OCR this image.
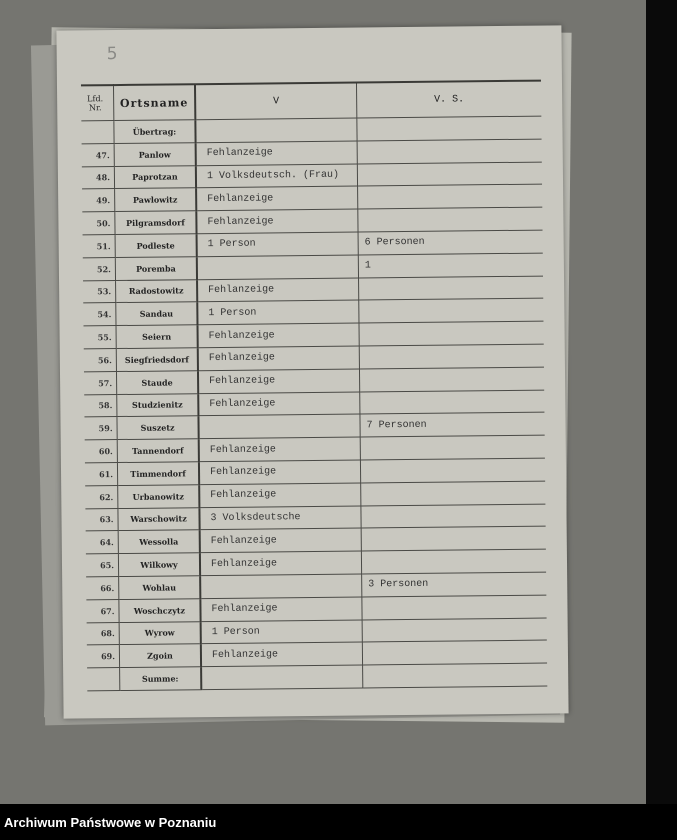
5
Lfd. Nr.	Ortsname	V	V. S.
	Übertrag:		
47.	Panlow	Fehlanzeige	
48.	Paprotzan	1 Volksdeutsch. (Frau)	
49.	Pawlowitz	Fehlanzeige	
50.	Pilgramsdorf	Fehlanzeige	
51.	Podleste	1 Person	6 Personen
52.	Poremba		1
53.	Radostowitz	Fehlanzeige	
54.	Sandau	1 Person	
55.	Seiern	Fehlanzeige	
56.	Siegfriedsdorf	Fehlanzeige	
57.	Staude	Fehlanzeige	
58.	Studzienitz	Fehlanzeige	
59.	Suszetz		7 Personen
60.	Tannendorf	Fehlanzeige	
61.	Timmendorf	Fehlanzeige	
62.	Urbanowitz	Fehlanzeige	
63.	Warschowitz	3 Volksdeutsche	
64.	Wessolla	Fehlanzeige	
65.	Wilkowy	Fehlanzeige	
66.	Wohlau		3 Personen
67.	Woschczytz	Fehlanzeige	
68.	Wyrow	1 Person	
69.	Zgoin	Fehlanzeige	
	Summe:		
Archiwum Państwowe w Poznaniu
